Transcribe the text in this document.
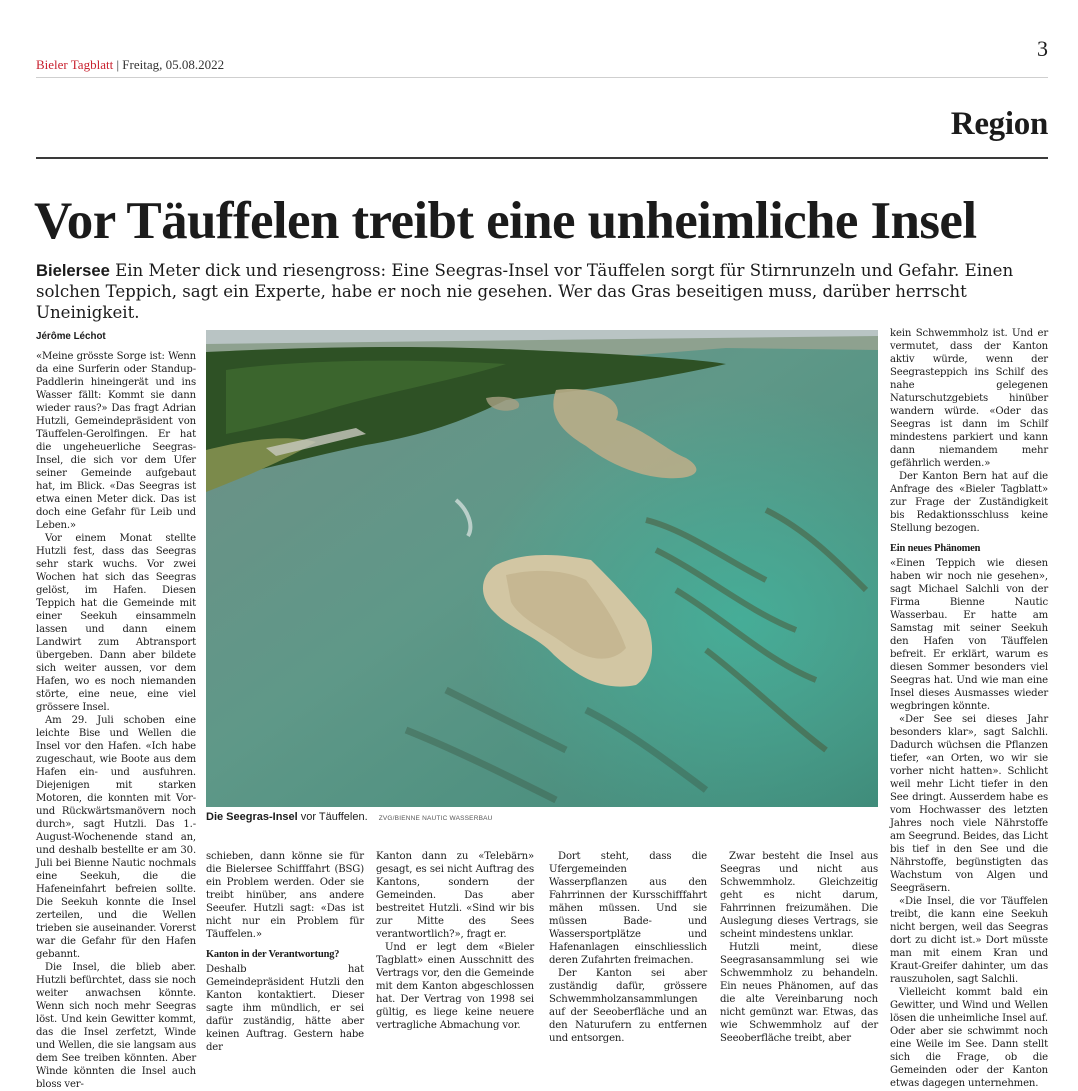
Bieler Tagblatt | Freitag, 05.08.2022
3
Region
Vor Täuffelen treibt eine unheimliche Insel

Bielersee Ein Meter dick und riesengross: Eine Seegras-Insel vor Täuffelen sorgt für Stirnrunzeln und Gefahr. Einen solchen Teppich, sagt ein Experte, habe er noch nie gesehen. Wer das Gras beseitigen muss, darüber herrscht Uneinigkeit.

Die Seegras-Insel vor Täuffelen. ZVG/BIENNE NAUTIC WASSERBAU
Jérôme Léchot

«Meine grösste Sorge ist: Wenn da eine Surferin oder Standup-Paddlerin hineingerät und ins Wasser fällt: Kommt sie dann wieder raus?» Das fragt Adrian Hutzli, Gemeindepräsident von Täuffelen-Gerolfingen. Er hat die ungeheuerliche Seegras-Insel, die sich vor dem Ufer seiner Gemeinde aufgebaut hat, im Blick. «Das Seegras ist etwa einen Meter dick. Das ist doch eine Gefahr für Leib und Leben.»

Vor einem Monat stellte Hutzli fest, dass das Seegras sehr stark wuchs. Vor zwei Wochen hat sich das Seegras gelöst, im Hafen. Diesen Teppich hat die Gemeinde mit einer Seekuh einsammeln lassen und dann einem Landwirt zum Abtransport übergeben. Dann aber bildete sich weiter aussen, vor dem Hafen, wo es noch niemanden störte, eine neue, eine viel grössere Insel.

Am 29. Juli schoben eine leichte Bise und Wellen die Insel vor den Hafen. «Ich habe zugeschaut, wie Boote aus dem Hafen ein- und ausfuhren. Diejenigen mit starken Motoren, die konnten mit Vor- und Rückwärtsmanövern noch durch», sagt Hutzli. Das 1.-August-Wochenende stand an, und deshalb bestellte er am 30. Juli bei Bienne Nautic nochmals eine Seekuh, die die Hafeneinfahrt befreien sollte. Die Seekuh konnte die Insel zerteilen, und die Wellen trieben sie auseinander. Vorerst war die Gefahr für den Hafen gebannt.

Die Insel, die blieb aber. Hutzli befürchtet, dass sie noch weiter anwachsen könnte. Wenn sich noch mehr Seegras löst. Und kein Gewitter kommt, das die Insel zerfetzt, Winde und Wellen, die sie langsam aus dem See treiben könnten. Aber Winde könnten die Insel auch bloss ver-

schieben, dann könne sie für die Bielersee Schifffahrt (BSG) ein Problem werden. Oder sie treibt hinüber, ans andere Seeufer. Hutzli sagt: «Das ist nicht nur ein Problem für Täuffelen.»

Kanton in der Verantwortung?

Deshalb hat Gemeindepräsident Hutzli den Kanton kontaktiert. Dieser sagte ihm mündlich, er sei dafür zuständig, hätte aber keinen Auftrag. Gestern habe der

Kanton dann zu «Telebärn» gesagt, es sei nicht Auftrag des Kantons, sondern der Gemeinden. Das aber bestreitet Hutzli. «Sind wir bis zur Mitte des Sees verantwortlich?», fragt er.

Und er legt dem «Bieler Tagblatt» einen Ausschnitt des Vertrags vor, den die Gemeinde mit dem Kanton abgeschlossen hat. Der Vertrag von 1998 sei gültig, es liege keine neuere vertragliche Abmachung vor.

Dort steht, dass die Ufergemeinden Wasserpflanzen aus den Fahrrinnen der Kursschifffahrt mähen müssen. Und sie müssen Bade- und Wassersportplätze und Hafenanlagen einschliesslich deren Zufahrten freimachen.

Der Kanton sei aber zuständig dafür, grössere Schwemmholzansammlungen auf der Seeoberfläche und an den Naturufern zu entfernen und entsorgen.

Zwar besteht die Insel aus Seegras und nicht aus Schwemmholz. Gleichzeitig geht es nicht darum, Fahrrinnen freizumähen. Die Auslegung dieses Vertrags, sie scheint mindestens unklar.

Hutzli meint, diese Seegrasansammlung sei wie Schwemmholz zu behandeln. Ein neues Phänomen, auf das die alte Vereinbarung noch nicht gemünzt war. Etwas, das wie Schwemmholz auf der Seeoberfläche treibt, aber

kein Schwemmholz ist. Und er vermutet, dass der Kanton aktiv würde, wenn der Seegrasteppich ins Schilf des nahe gelegenen Naturschutzgebiets hinüber wandern würde. «Oder das Seegras ist dann im Schilf mindestens parkiert und kann dann niemandem mehr gefährlich werden.»

Der Kanton Bern hat auf die Anfrage des «Bieler Tagblatt» zur Frage der Zuständigkeit bis Redaktionsschluss keine Stellung bezogen.

Ein neues Phänomen

«Einen Teppich wie diesen haben wir noch nie gesehen», sagt Michael Salchli von der Firma Bienne Nautic Wasserbau. Er hatte am Samstag mit seiner Seekuh den Hafen von Täuffelen befreit. Er erklärt, warum es diesen Sommer besonders viel Seegras hat. Und wie man eine Insel dieses Ausmasses wieder wegbringen könnte.

«Der See sei dieses Jahr besonders klar», sagt Salchli. Dadurch wüchsen die Pflanzen tiefer, «an Orten, wo wir sie vorher nicht hatten». Schlicht weil mehr Licht tiefer in den See dringt. Ausserdem habe es vom Hochwasser des letzten Jahres noch viele Nährstoffe am Seegrund. Beides, das Licht bis tief in den See und die Nährstoffe, begünstigten das Wachstum von Algen und Seegräsern.

«Die Insel, die vor Täuffelen treibt, die kann eine Seekuh nicht bergen, weil das Seegras dort zu dicht ist.» Dort müsste man mit einem Kran und Kraut-Greifer dahinter, um das rauszuholen, sagt Salchli.

Vielleicht kommt bald ein Gewitter, und Wind und Wellen lösen die unheimliche Insel auf. Oder aber sie schwimmt noch eine Weile im See. Dann stellt sich die Frage, ob die Gemeinden oder der Kanton etwas dagegen unternehmen.
